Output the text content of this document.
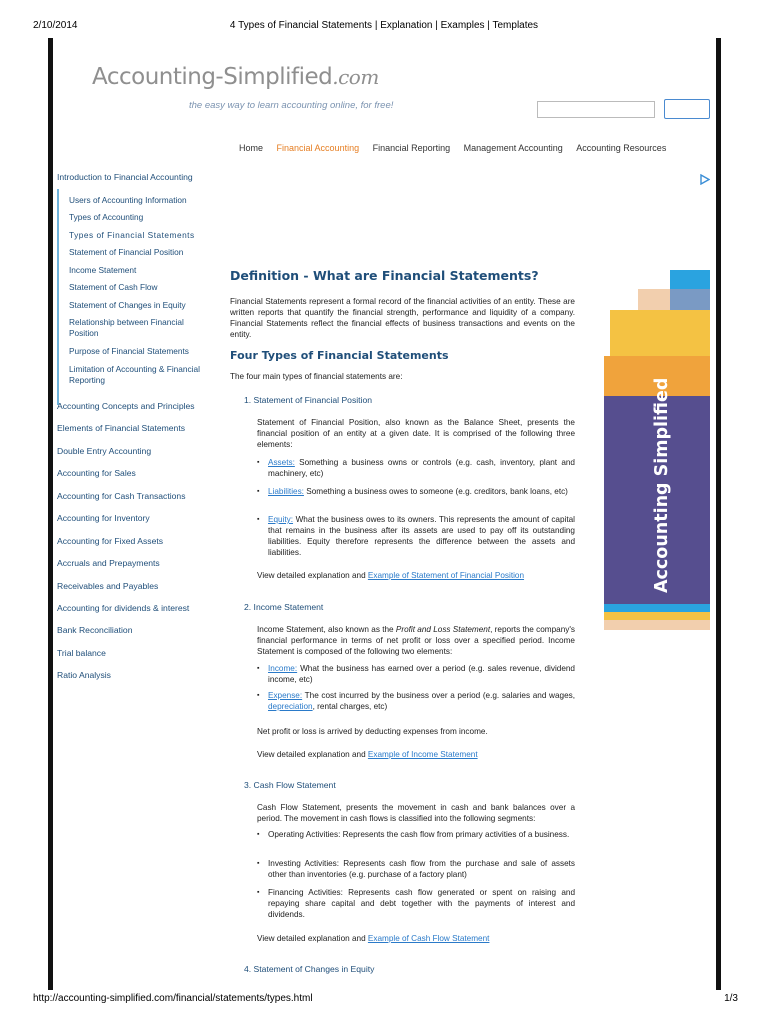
2/10/2014	4 Types of Financial Statements | Explanation | Examples | Templates
Accounting-Simplified.com
the easy way to learn accounting online, for free!
Home Financial Accounting Financial Reporting Management Accounting Accounting Resources
Introduction to Financial Accounting
Users of Accounting Information
Types of Accounting
Types of Financial Statements
Statement of Financial Position
Income Statement
Statement of Cash Flow
Statement of Changes in Equity
Relationship between Financial Position
Purpose of Financial Statements
Limitation of Accounting & Financial Reporting
Accounting Concepts and Principles
Elements of Financial Statements
Double Entry Accounting
Accounting for Sales
Accounting for Cash Transactions
Accounting for Inventory
Accounting for Fixed Assets
Accruals and Prepayments
Receivables and Payables
Accounting for dividends & interest
Bank Reconciliation
Trial balance
Ratio Analysis
Definition - What are Financial Statements?
Financial Statements represent a formal record of the financial activities of an entity. These are written reports that quantify the financial strength, performance and liquidity of a company. Financial Statements reflect the financial effects of business transactions and events on the entity.
Four Types of Financial Statements
The four main types of financial statements are:
1. Statement of Financial Position
Statement of Financial Position, also known as the Balance Sheet, presents the financial position of an entity at a given date. It is comprised of the following three elements:
▪ Assets: Something a business owns or controls (e.g. cash, inventory, plant and machinery, etc)
▪ Liabilities: Something a business owes to someone (e.g. creditors, bank loans, etc)
▪ Equity: What the business owes to its owners. This represents the amount of capital that remains in the business after its assets are used to pay off its outstanding liabilities. Equity therefore represents the difference between the assets and liabilities.
View detailed explanation and Example of Statement of Financial Position
2. Income Statement
Income Statement, also known as the Profit and Loss Statement, reports the company's financial performance in terms of net profit or loss over a specified period. Income Statement is composed of the following two elements:
▪ Income: What the business has earned over a period (e.g. sales revenue, dividend income, etc)
▪ Expense: The cost incurred by the business over a period (e.g. salaries and wages, depreciation, rental charges, etc)
Net profit or loss is arrived by deducting expenses from income.
View detailed explanation and Example of Income Statement
3. Cash Flow Statement
Cash Flow Statement, presents the movement in cash and bank balances over a period. The movement in cash flows is classified into the following segments:
▪ Operating Activities: Represents the cash flow from primary activities of a business.
▪ Investing Activities: Represents cash flow from the purchase and sale of assets other than inventories (e.g. purchase of a factory plant)
▪ Financing Activities: Represents cash flow generated or spent on raising and repaying share capital and debt together with the payments of interest and dividends.
View detailed explanation and Example of Cash Flow Statement
4. Statement of Changes in Equity
Accounting Simplified
http://accounting-simplified.com/financial/statements/types.html	1/3
